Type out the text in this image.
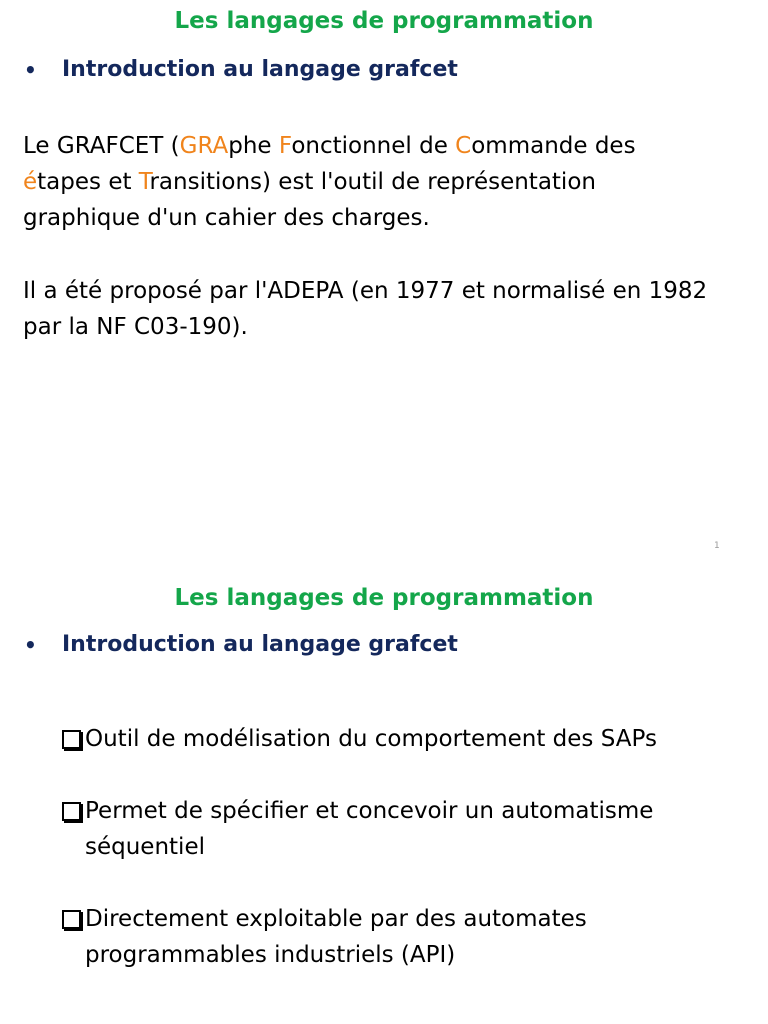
Les langages de programmation
•	Introduction au langage grafcet
Le GRAFCET (GRAphe Fonctionnel de Commande des
étapes et Transitions) est l'outil de représentation
graphique d'un cahier des charges.
Il a été proposé par l'ADEPA (en 1977 et normalisé en 1982
par la NF C03-190).
1
Les langages de programmation
•	Introduction au langage grafcet
Outil de modélisation du comportement des SAPs
Permet de spécifier et concevoir un automatisme
séquentiel
Directement exploitable par des automates
programmables industriels (API)
